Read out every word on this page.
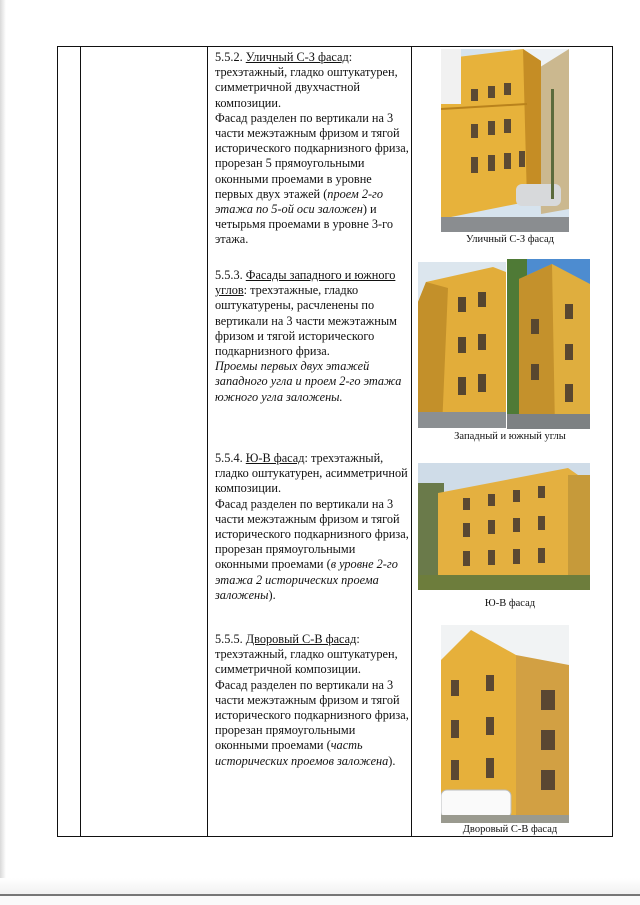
5.5.2. Уличный С-З фасад: трехэтажный, гладко оштукатурен, симметричной двухчастной композиции.

Фасад разделен по вертикали на 3 части межэтажным фризом и тягой исторического подкарнизного фриза, прорезан 5 прямоугольными оконными проемами в уровне первых двух этажей (проем 2-го этажа по 5-ой оси заложен) и четырьмя проемами в уровне 3-го этажа.

5.5.3. Фасады западного и южного углов: трехэтажные, гладко оштукатурены, расчленены по вертикали на 3 части межэтажным фризом и тягой исторического подкарнизного фриза.

Проемы первых двух этажей западного угла и проем 2-го этажа южного угла заложены.

5.5.4. Ю-В фасад: трехэтажный, гладко оштукатурен, асимметричной композиции.

Фасад разделен по вертикали на 3 части межэтажным фризом и тягой исторического подкарнизного фриза, прорезан прямоугольными оконными проемами (в уровне 2-го этажа 2 исторических проема заложены).

5.5.5. Дворовый С-В фасад: трехэтажный, гладко оштукатурен, симметричной композиции.

Фасад разделен по вертикали на 3 части межэтажным фризом и тягой исторического подкарнизного фриза, прорезан прямоугольными оконными проемами (часть исторических проемов заложена).

Уличный С-З фасад
Западный и южный углы
Ю-В фасад
Дворовый С-В фасад
